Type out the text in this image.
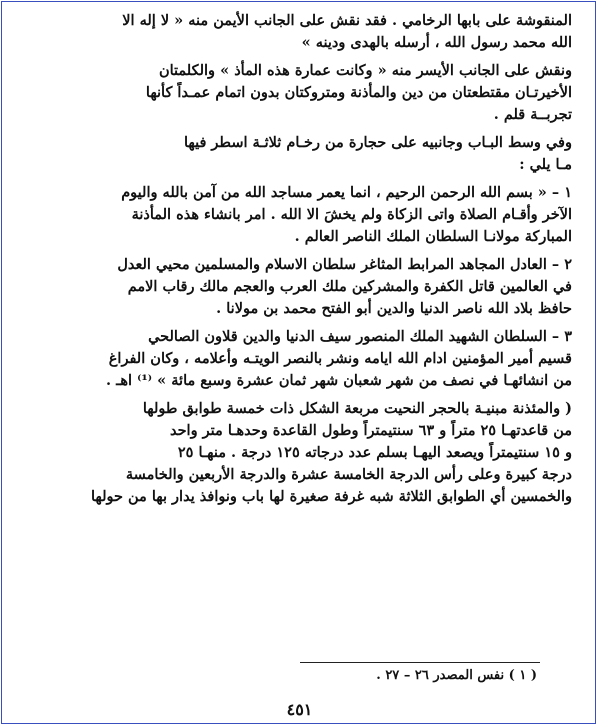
المنقوشة على بابها الرخامي . فقد نقش على الجانب الأيمن منه « لا إله الا
الله محمد رسول الله ، أرسله بالهدى ودينه »
ونقش على الجانب الأيسر منه « وكانت عمارة هذه المأذ » والكلمتان
الأخيرتـان مقتطعتان من دين والمأذنة ومتروكتان بدون اتمام عمـداً كأنها
تجربــة قلم .
وفي وسط البـاب وجانبيه على حجارة من رخـام ثلاثـة اسطر فيها
مـا يلي :
١ – « بسم الله الرحمن الرحيم ، انما يعمر مساجد الله من آمن بالله واليوم
الآخر وأقـام الصلاة واتى الزكاة ولم يخشَ الا الله . امر بانشاء هذه المأذنة
المباركة مولانـا السلطان الملك الناصر العالم .
٢ – العادل المجاهد المرابط المثاغر سلطان الاسلام والمسلمين محيي العدل
في العالمين قاتل الكفرة والمشركين ملك العرب والعجم مالك رقاب الامم
حافظ بلاد الله ناصر الدنيا والدين أبو الفتح محمد بن مولانا .
٣ – السلطان الشهيد الملك المنصور سيف الدنيا والدين قلاون الصالحي
قسيم أمير المؤمنين ادام الله ايامه ونشر بالنصر الويتـه وأعلامه ، وكان الفراغ
من انشائهـا في نصف من شهر شعبان شهر ثمان عشرة وسبع مائة » ⁽¹⁾ اهـ .
( والمئذنة مبنيـة بالحجر النحيت مربعة الشكل ذات خمسة طوابق طولها
من قاعدتهـا ٢٥ متراً و ٦٣ سنتيمتراً وطول القاعدة وحدهـا متر واحد
و ١٥ سنتيمتراً ويصعد اليهـا بسلم عدد درجاته ١٢٥ درجة . منهـا ٢٥
درجة كبيرة وعلى رأس الدرجة الخامسة عشرة والدرجة الأربعين والخامسة
والخمسين أي الطوابق الثلاثة شبه غرفة صغيرة لها باب ونوافذ يدار بها من حولها
( ١ ) نفس المصدر ٢٦ – ٢٧ .
٤٥١
